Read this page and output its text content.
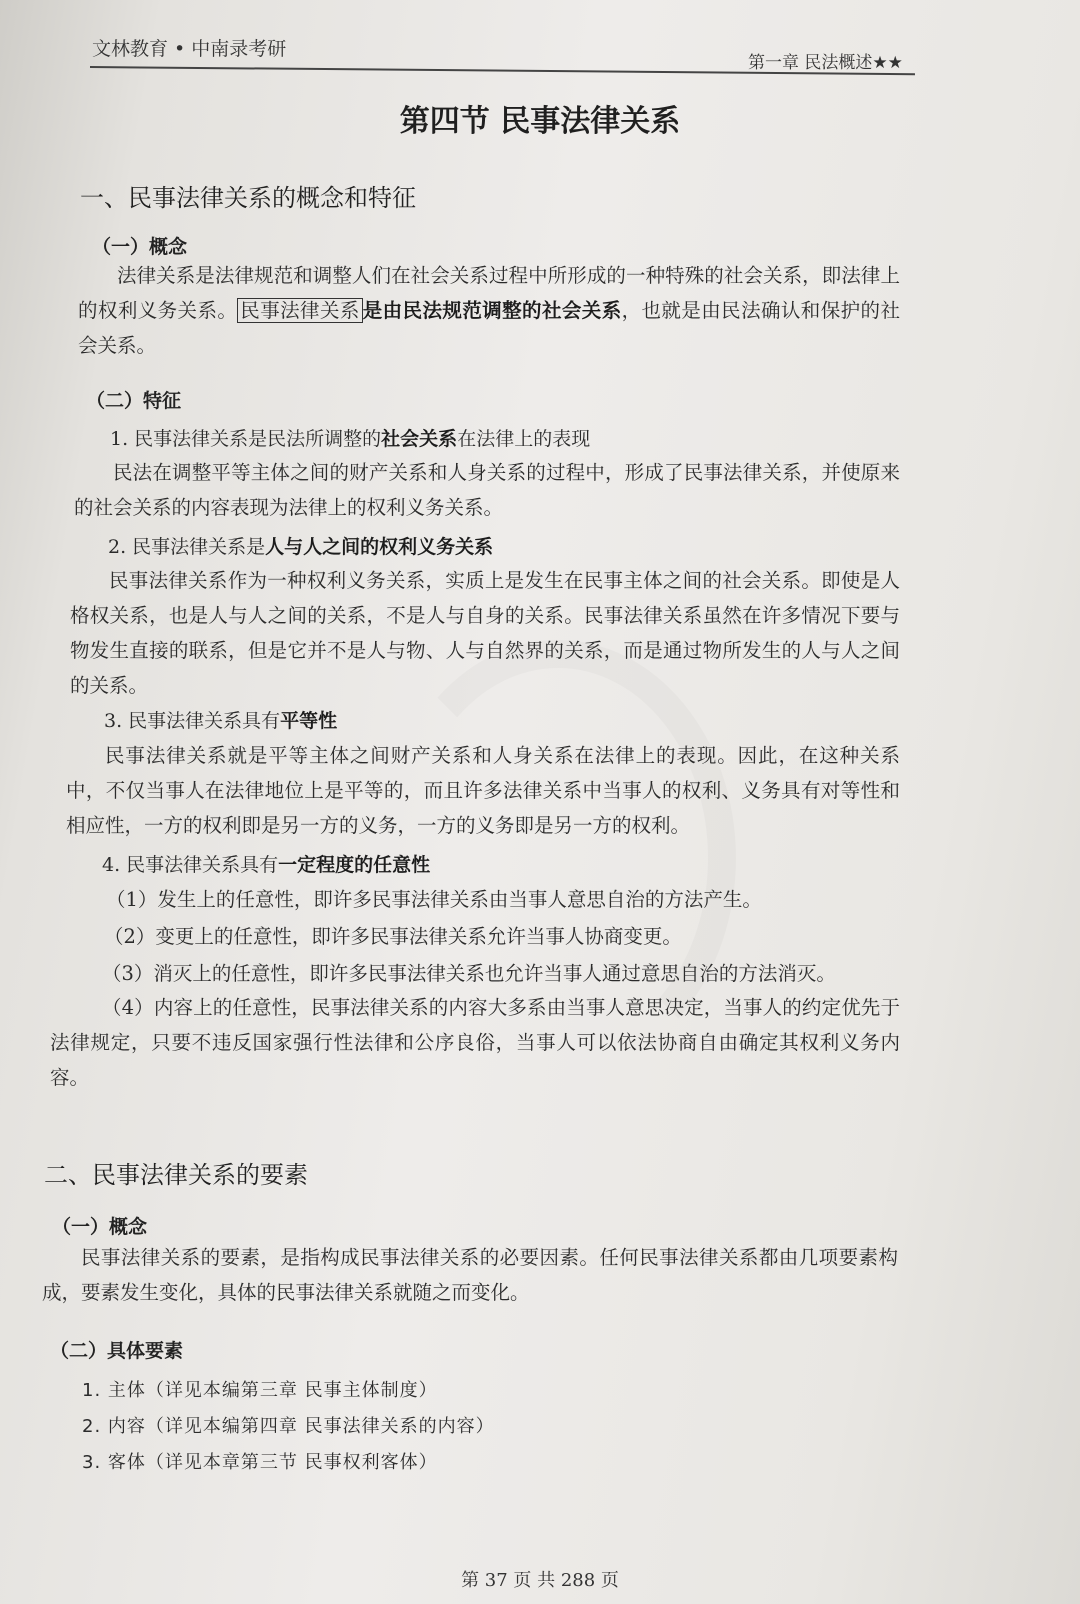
文林教育 • 中南录考研
第一章 民法概述★★
第四节 民事法律关系
一、民事法律关系的概念和特征
（一）概念
法律关系是法律规范和调整人们在社会关系过程中所形成的一种特殊的社会关系，即法律上的权利义务关系。 民事法律关系 是由民法规范调整的社会关系，也就是由民法确认和保护的社会关系。
（二）特征
1. 民事法律关系是民法所调整的社会关系在法律上的表现
民法在调整平等主体之间的财产关系和人身关系的过程中，形成了民事法律关系，并使原来的社会关系的内容表现为法律上的权利义务关系。
2. 民事法律关系是人与人之间的权利义务关系
民事法律关系作为一种权利义务关系，实质上是发生在民事主体之间的社会关系。即使是人格权关系，也是人与人之间的关系，不是人与自身的关系。民事法律关系虽然在许多情况下要与物发生直接的联系，但是它并不是人与物、人与自然界的关系，而是通过物所发生的人与人之间的关系。
3. 民事法律关系具有平等性
民事法律关系就是平等主体之间财产关系和人身关系在法律上的表现。因此，在这种关系中，不仅当事人在法律地位上是平等的，而且许多法律关系中当事人的权利、义务具有对等性和相应性，一方的权利即是另一方的义务，一方的义务即是另一方的权利。
4. 民事法律关系具有一定程度的任意性
（1）发生上的任意性，即许多民事法律关系由当事人意思自治的方法产生。
（2）变更上的任意性，即许多民事法律关系允许当事人协商变更。
（3）消灭上的任意性，即许多民事法律关系也允许当事人通过意思自治的方法消灭。
（4）内容上的任意性，民事法律关系的内容大多系由当事人意思决定，当事人的约定优先于法律规定，只要不违反国家强行性法律和公序良俗，当事人可以依法协商自由确定其权利义务内容。
二、民事法律关系的要素
（一）概念
民事法律关系的要素，是指构成民事法律关系的必要因素。任何民事法律关系都由几项要素构成，要素发生变化，具体的民事法律关系就随之而变化。
（二）具体要素
1. 主体（详见本编第三章 民事主体制度）
2. 内容（详见本编第四章 民事法律关系的内容）
3. 客体（详见本章第三节 民事权利客体）
第 37 页 共 288 页
